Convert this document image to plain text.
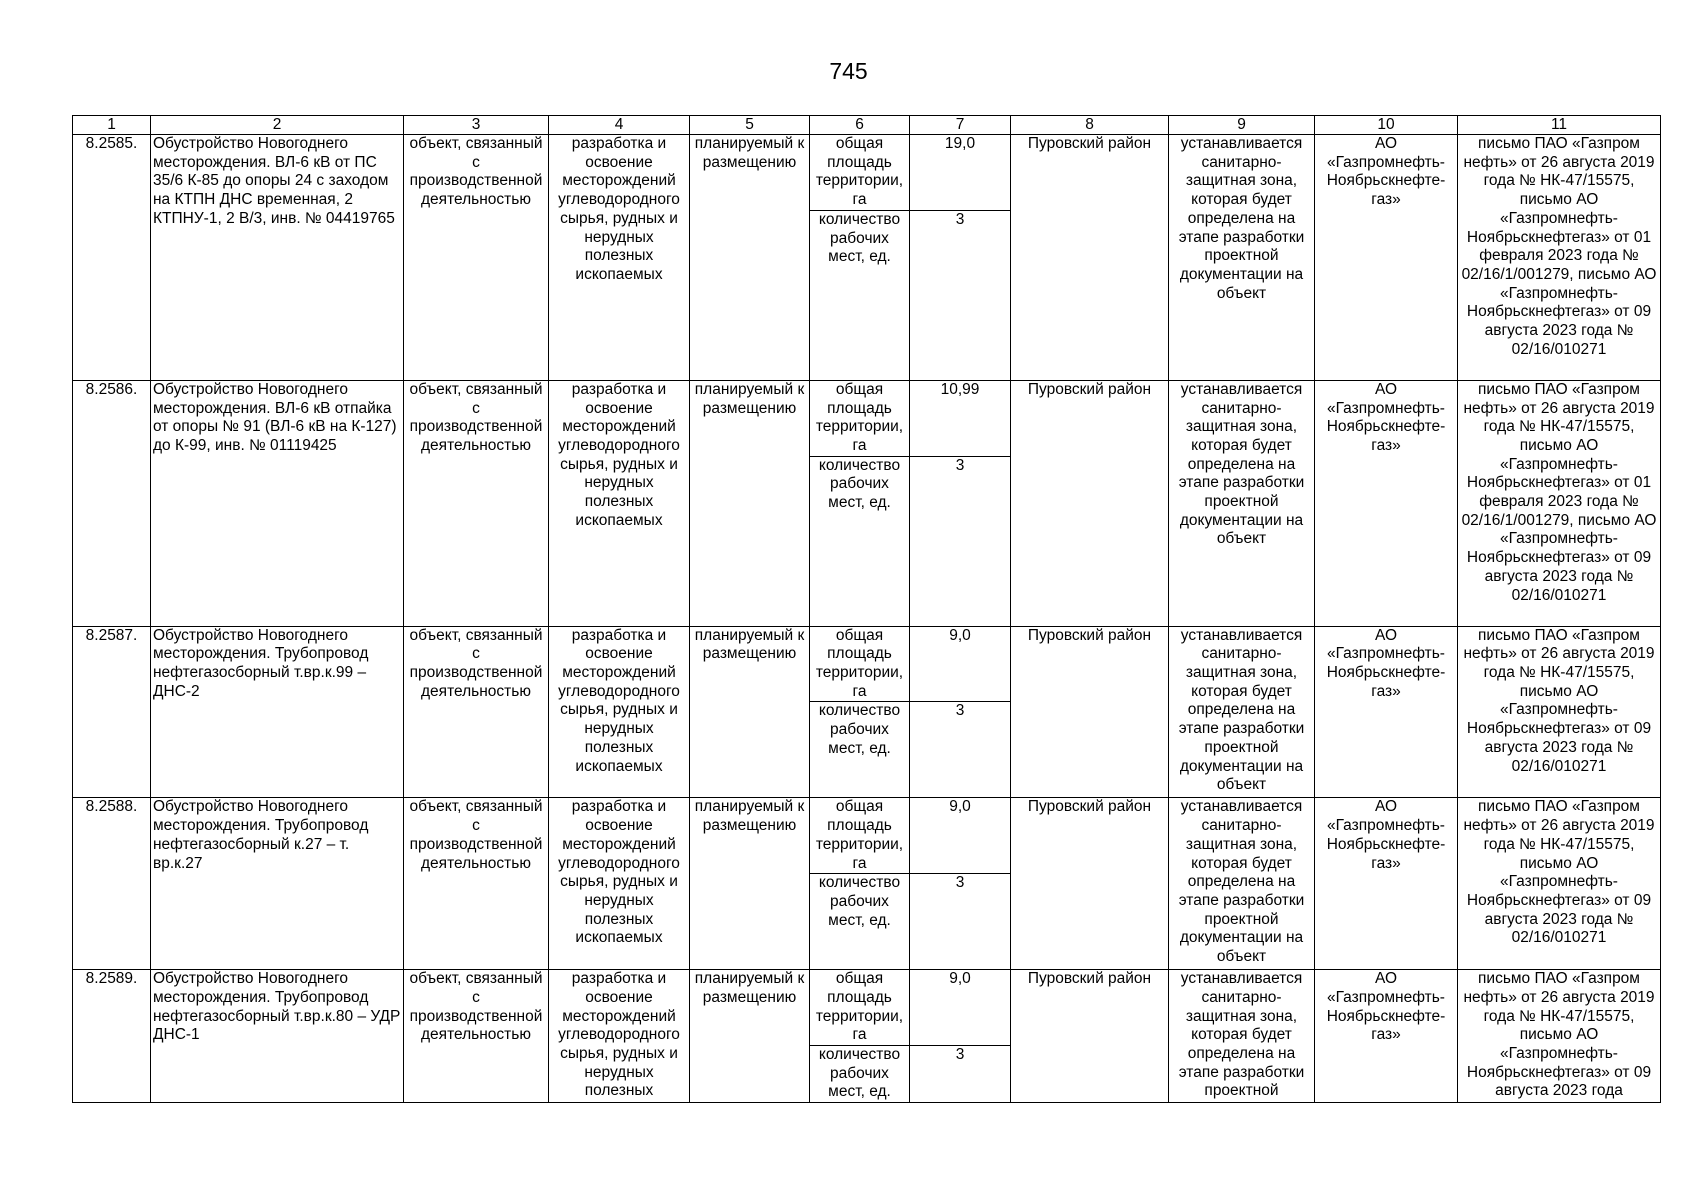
745
1	2	3	4	5	6	7	8	9	10	11
8.2585.	Обустройство Новогоднего месторождения. ВЛ-6 кВ от ПС 35/6 К-85 до опоры 24 с заходом на КТПН ДНС временная, 2 КТПНУ-1, 2 В/3, инв. № 04419765	объект, связанный с производственной деятельностью	разработка и освоение месторождений углеводородного сырья, рудных и нерудных полезных ископаемых	планируемый к размещению	общая площадь территории, га	19,0	Пуровский район	устанавливается санитарно-защитная зона, которая будет определена на этапе разработки проектной документации на объект	АО «Газпромнефть-Ноябрьскнефте-газ»	письмо ПАО «Газпром нефть» от 26 августа 2019 года № НК-47/15575, письмо АО «Газпромнефть-Ноябрьскнефтегаз» от 01 февраля 2023 года № 02/16/1/001279, письмо АО «Газпромнефть-Ноябрьскнефтегаз» от 09 августа 2023 года № 02/16/010271
					количество рабочих мест, ед.	3				
8.2586.	Обустройство Новогоднего месторождения. ВЛ-6 кВ отпайка от опоры № 91 (ВЛ-6 кВ на К-127) до К-99, инв. № 01119425	объект, связанный с производственной деятельностью	разработка и освоение месторождений углеводородного сырья, рудных и нерудных полезных ископаемых	планируемый к размещению	общая площадь территории, га	10,99	Пуровский район	устанавливается санитарно-защитная зона, которая будет определена на этапе разработки проектной документации на объект	АО «Газпромнефть-Ноябрьскнефте-газ»	письмо ПАО «Газпром нефть» от 26 августа 2019 года № НК-47/15575, письмо АО «Газпромнефть-Ноябрьскнефтегаз» от 01 февраля 2023 года № 02/16/1/001279, письмо АО «Газпромнефть-Ноябрьскнефтегаз» от 09 августа 2023 года № 02/16/010271
					количество рабочих мест, ед.	3				
8.2587.	Обустройство Новогоднего месторождения. Трубопровод нефтегазосборный т.вр.к.99 – ДНС-2	объект, связанный с производственной деятельностью	разработка и освоение месторождений углеводородного сырья, рудных и нерудных полезных ископаемых	планируемый к размещению	общая площадь территории, га	9,0	Пуровский район	устанавливается санитарно-защитная зона, которая будет определена на этапе разработки проектной документации на объект	АО «Газпромнефть-Ноябрьскнефте-газ»	письмо ПАО «Газпром нефть» от 26 августа 2019 года № НК-47/15575, письмо АО «Газпромнефть-Ноябрьскнефтегаз» от 09 августа 2023 года № 02/16/010271
					количество рабочих мест, ед.	3				
8.2588.	Обустройство Новогоднего месторождения. Трубопровод нефтегазосборный к.27 – т. вр.к.27	объект, связанный с производственной деятельностью	разработка и освоение месторождений углеводородного сырья, рудных и нерудных полезных ископаемых	планируемый к размещению	общая площадь территории, га	9,0	Пуровский район	устанавливается санитарно-защитная зона, которая будет определена на этапе разработки проектной документации на объект	АО «Газпромнефть-Ноябрьскнефте-газ»	письмо ПАО «Газпром нефть» от 26 августа 2019 года № НК-47/15575, письмо АО «Газпромнефть-Ноябрьскнефтегаз» от 09 августа 2023 года № 02/16/010271
					количество рабочих мест, ед.	3				
8.2589.	Обустройство Новогоднего месторождения. Трубопровод нефтегазосборный т.вр.к.80 – УДР ДНС-1	объект, связанный с производственной деятельностью	разработка и освоение месторождений углеводородного сырья, рудных и нерудных полезных	планируемый к размещению	общая площадь территории, га	9,0	Пуровский район	устанавливается санитарно-защитная зона, которая будет определена на этапе разработки проектной	АО «Газпромнефть-Ноябрьскнефте-газ»	письмо ПАО «Газпром нефть» от 26 августа 2019 года № НК-47/15575, письмо АО «Газпромнефть-Ноябрьскнефтегаз» от 09 августа 2023 года
					количество рабочих мест, ед.	3				
